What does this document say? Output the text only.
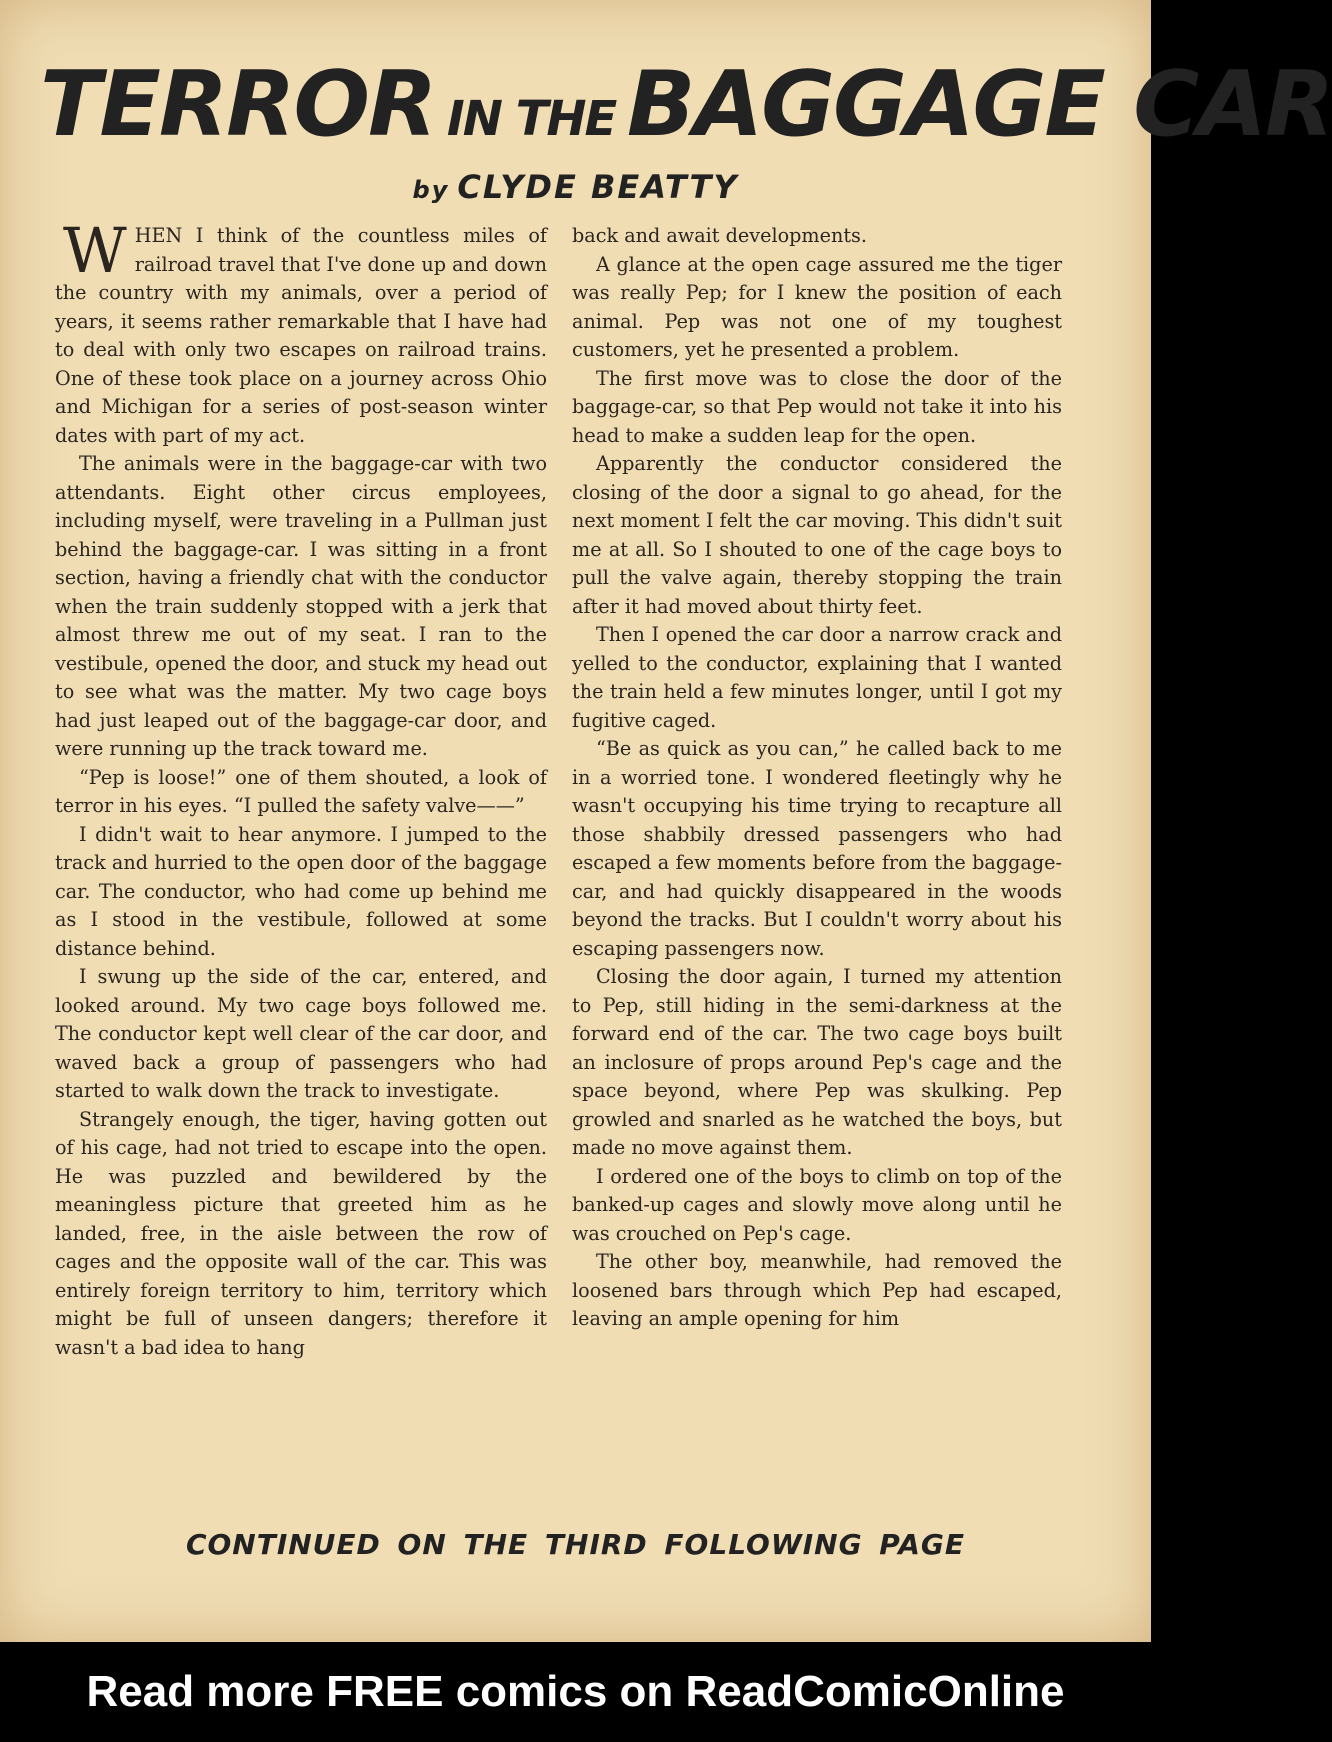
TERROR IN THE BAGGAGE CAR
by CLYDE BEATTY

WHEN I think of the countless miles of railroad travel that I've done up and down the country with my animals, over a period of years, it seems rather remarkable that I have had to deal with only two escapes on railroad trains. One of these took place on a journey across Ohio and Michigan for a series of post-season winter dates with part of my act.

The animals were in the baggage-car with two attendants. Eight other circus employees, including myself, were traveling in a Pullman just behind the baggage-car. I was sitting in a front section, having a friendly chat with the conductor when the train suddenly stopped with a jerk that almost threw me out of my seat. I ran to the vestibule, opened the door, and stuck my head out to see what was the matter. My two cage boys had just leaped out of the baggage-car door, and were running up the track toward me.

“Pep is loose!” one of them shouted, a look of terror in his eyes. “I pulled the safety valve——”

I didn't wait to hear anymore. I jumped to the track and hurried to the open door of the baggage car. The conductor, who had come up behind me as I stood in the vestibule, followed at some distance behind.

I swung up the side of the car, entered, and looked around. My two cage boys followed me. The conductor kept well clear of the car door, and waved back a group of passengers who had started to walk down the track to investigate.

Strangely enough, the tiger, having gotten out of his cage, had not tried to escape into the open. He was puzzled and bewildered by the meaningless picture that greeted him as he landed, free, in the aisle between the row of cages and the opposite wall of the car. This was entirely foreign territory to him, territory which might be full of unseen dangers; therefore it wasn't a bad idea to hang

back and await developments.

A glance at the open cage assured me the tiger was really Pep; for I knew the position of each animal. Pep was not one of my toughest customers, yet he presented a problem.

The first move was to close the door of the baggage-car, so that Pep would not take it into his head to make a sudden leap for the open.

Apparently the conductor considered the closing of the door a signal to go ahead, for the next moment I felt the car moving. This didn't suit me at all. So I shouted to one of the cage boys to pull the valve again, thereby stopping the train after it had moved about thirty feet.

Then I opened the car door a narrow crack and yelled to the conductor, explaining that I wanted the train held a few minutes longer, until I got my fugitive caged.

“Be as quick as you can,” he called back to me in a worried tone. I wondered fleetingly why he wasn't occupying his time trying to recapture all those shabbily dressed passengers who had escaped a few moments before from the baggage-car, and had quickly disappeared in the woods beyond the tracks. But I couldn't worry about his escaping passengers now.

Closing the door again, I turned my attention to Pep, still hiding in the semi-darkness at the forward end of the car. The two cage boys built an inclosure of props around Pep's cage and the space beyond, where Pep was skulking. Pep growled and snarled as he watched the boys, but made no move against them.

I ordered one of the boys to climb on top of the banked-up cages and slowly move along until he was crouched on Pep's cage.

The other boy, meanwhile, had removed the loosened bars through which Pep had escaped, leaving an ample opening for him

CONTINUED ON THE THIRD FOLLOWING PAGE
Read more FREE comics on ReadComicOnline
